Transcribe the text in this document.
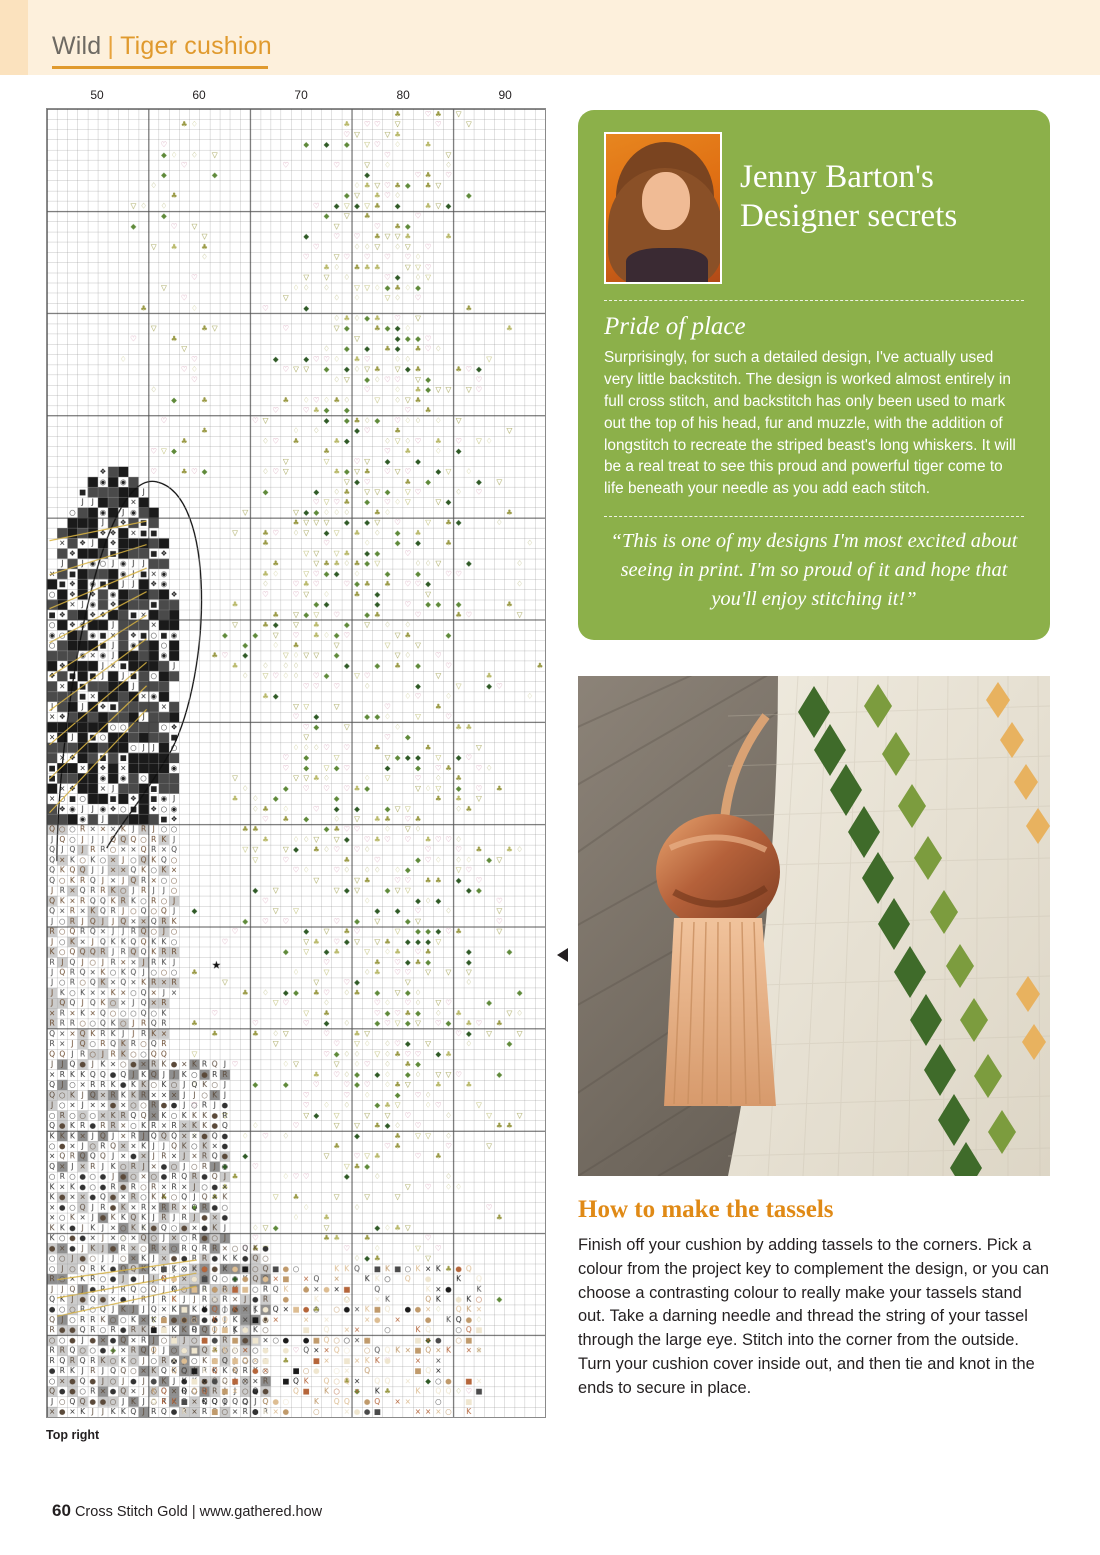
Wild | Tiger cushion
50	60	70	80	90
Top right
Jenny Barton's
Designer secrets
Pride of place

Surprisingly, for such a detailed design, I've actually used very little backstitch. The design is worked almost entirely in full cross stitch, and backstitch has only been used to mark out the top of his head, fur and muzzle, with the addition of longstitch to recreate the striped beast's long whiskers. It will be a real treat to see this proud and powerful tiger come to life beneath your needle as you add each stitch.

“This is one of my designs I'm most excited about seeing in print. I'm so proud of it and hope that you'll enjoy stitching it!”
How to make the tassels

Finish off your cushion by adding tassels to the corners. Pick a colour from the project key to complement the design, or you can choose a contrasting colour to really make your tassels stand out. Take a darning needle and thread the string of your tassel through the large eye. Stitch into the corner from the outside. Turn your cushion cover inside out, and then tie and knot in the ends to secure in place.

60 Cross Stitch Gold | www.gathered.how
